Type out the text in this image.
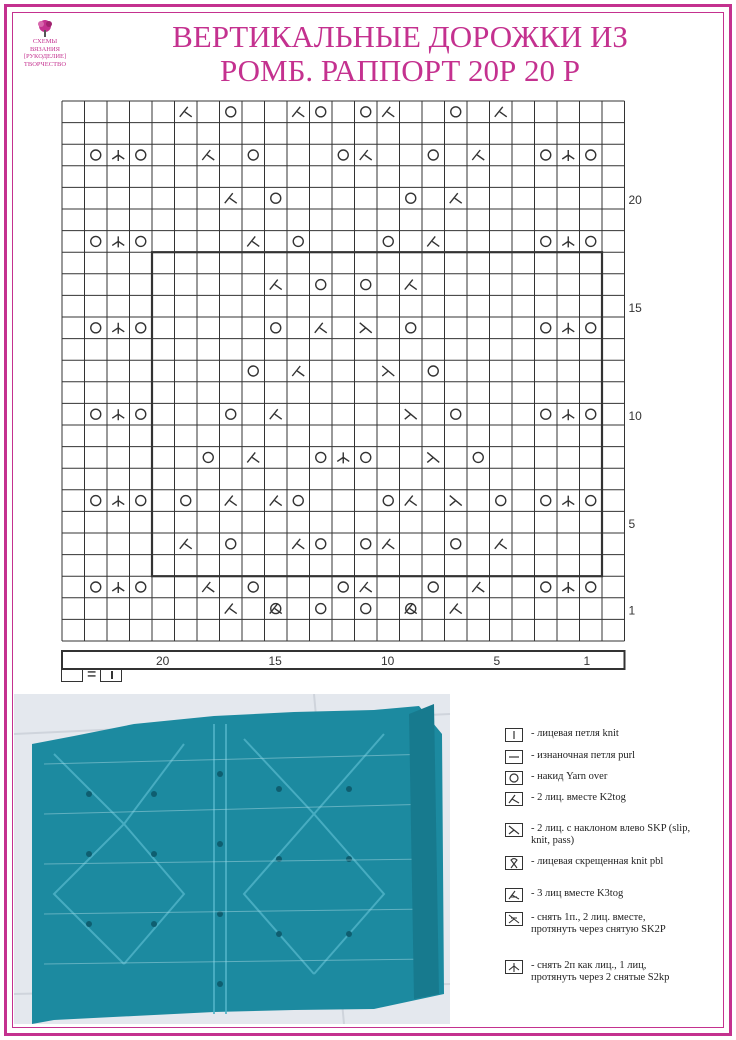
СХЕМЫ
ВЯЗАНИЯ
[РУКОДЕЛИЕ]
ТВОРЧЕСТВО
ВЕРТИКАЛЬНЫЕ ДОРОЖКИ ИЗ
РОМБ. РАППОРТ 20Р 20 Р
1
5
10
15
20
20	15	10	5	1
=
- лицевая петля knit
- изнаночная петля purl
- накид Yarn over
- 2 лиц. вместе K2tog
- 2 лиц. с наклоном влево SKP (slip, knit, pass)
- лицевая скрещенная knit pbl
- 3 лиц вместе K3tog
- снять 1п., 2 лиц. вместе, протянуть через снятую SK2P
- снять 2п как лиц., 1 лиц, протянуть через 2 снятые S2kp
